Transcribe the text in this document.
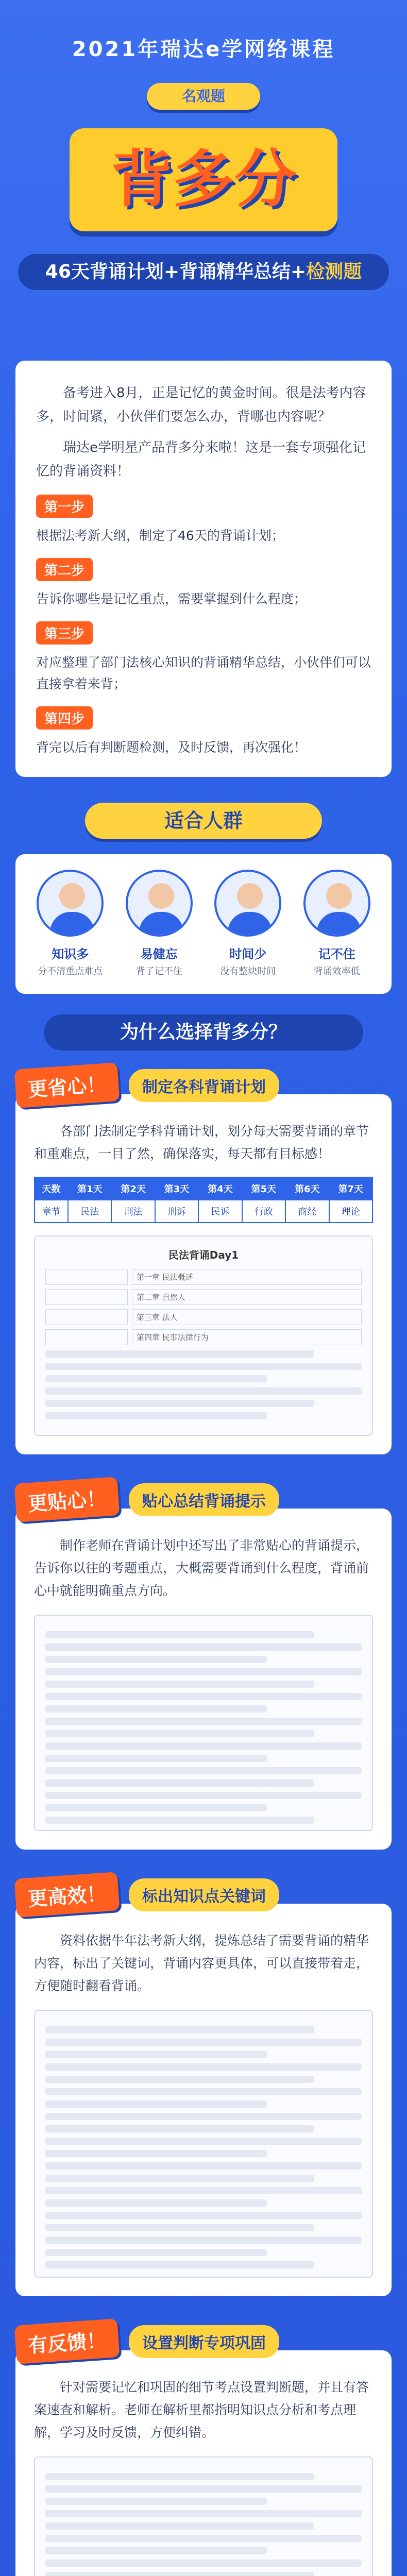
2021年瑞达e学网络课程
名观题
背多分
46天背诵计划+背诵精华总结+检测题

备考进入8月，正是记忆的黄金时间。很是法考内容多，时间紧，小伙伴们要怎么办，背哪也内容呢？

瑞达e学明星产品背多分来啦！这是一套专项强化记忆的背诵资料！

第一步
根据法考新大纲，制定了46天的背诵计划；
第二步
告诉你哪些是记忆重点，需要掌握到什么程度；
第三步
对应整理了部门法核心知识的背诵精华总结，小伙伴们可以直接拿着来背；
第四步
背完以后有判断题检测，及时反馈，再次强化！
适合人群
知识多
分不清重点难点
易健忘
背了记不住
时间少
没有整块时间
记不住
背诵效率低
为什么选择背多分？
更省心！	制定各科背诵计划

各部门法制定学科背诵计划，划分每天需要背诵的章节和重难点，一目了然，确保落实，每天都有目标感！

天数	第1天	第2天	第3天	第4天	第5天	第6天	第7天
章节	民法	刑法	刑诉	民诉	行政	商经	理论
民法背诵Day1
第一章 民法概述
第二章 自然人
第三章 法人
第四章 民事法律行为
更贴心！	贴心总结背诵提示

制作老师在背诵计划中还写出了非常贴心的背诵提示，告诉你以往的考题重点，大概需要背诵到什么程度，背诵前心中就能明确重点方向。

更高效！	标出知识点关键词

资料依据牛年法考新大纲，提炼总结了需要背诵的精华内容，标出了关键词，背诵内容更具体，可以直接带着走，方便随时翻看背诵。

有反馈！	设置判断专项巩固

针对需要记忆和巩固的细节考点设置判断题，并且有答案速查和解析。老师在解析里都指明知识点分析和考点理解，学习及时反馈，方便纠错。
